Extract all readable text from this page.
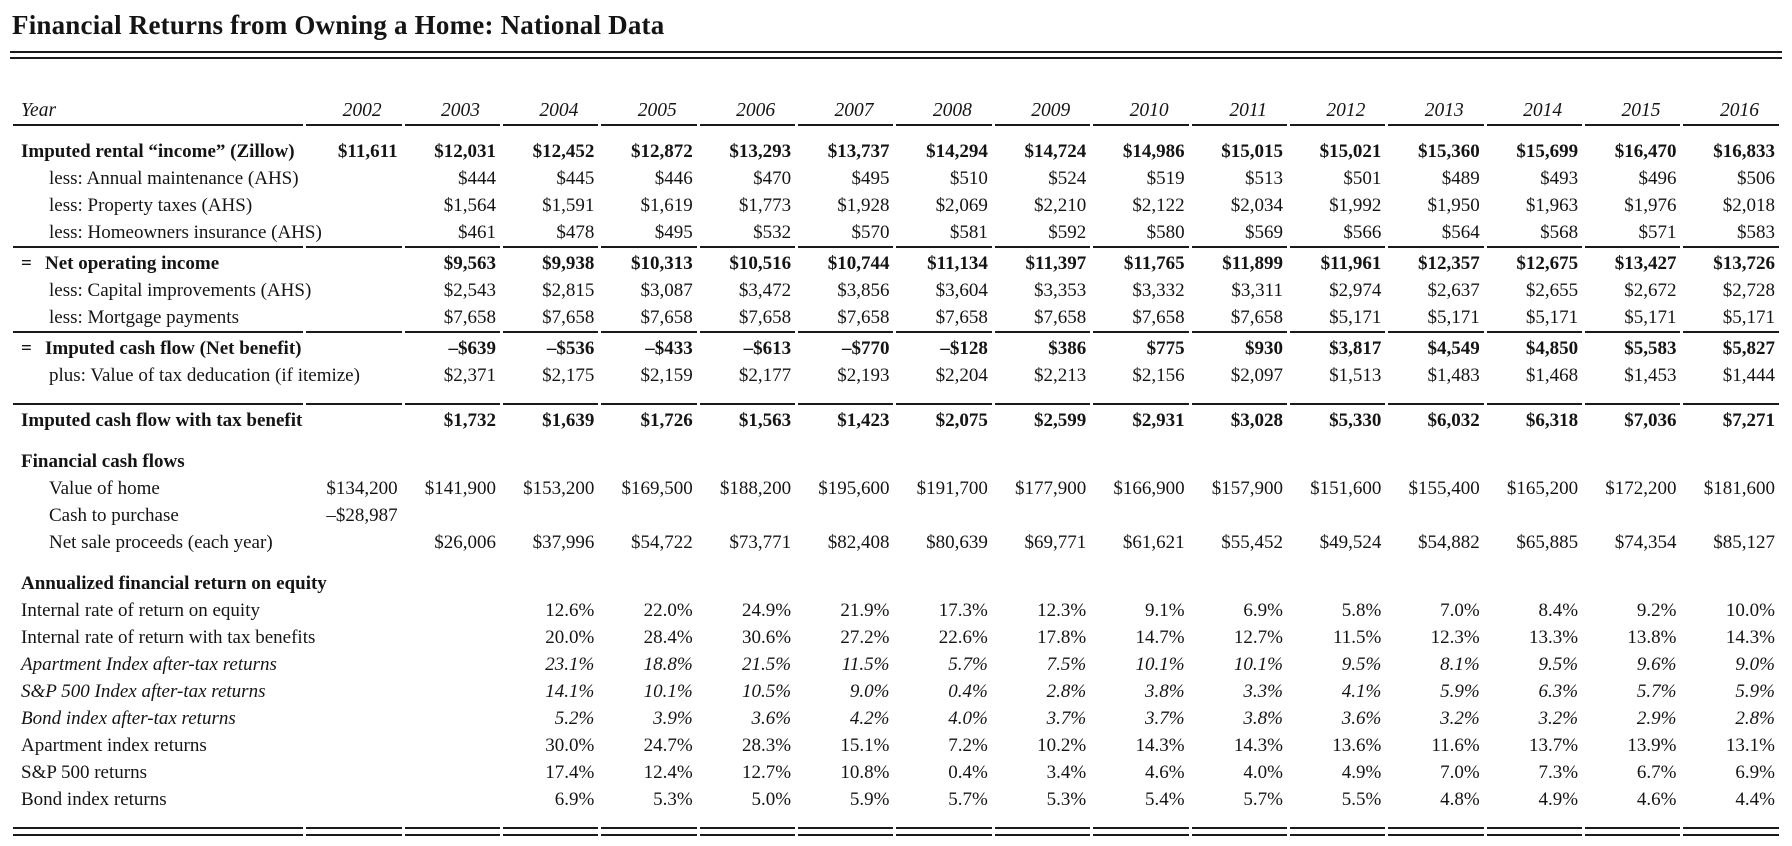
Financial Returns from Owning a Home: National Data
Year	2002	2003	2004	2005	2006	2007	2008	2009	2010	2011	2012	2013	2014	2015	2016

Imputed rental “income” (Zillow)	$11,611	$12,031	$12,452	$12,872	$13,293	$13,737	$14,294	$14,724	$14,986	$15,015	$15,021	$15,360	$15,699	$16,470	$16,833
less: Annual maintenance (AHS)		$444	$445	$446	$470	$495	$510	$524	$519	$513	$501	$489	$493	$496	$506
less: Property taxes (AHS)		$1,564	$1,591	$1,619	$1,773	$1,928	$2,069	$2,210	$2,122	$2,034	$1,992	$1,950	$1,963	$1,976	$2,018
less: Homeowners insurance (AHS)		$461	$478	$495	$532	$570	$581	$592	$580	$569	$566	$564	$568	$571	$583

= Net operating income		$9,563	$9,938	$10,313	$10,516	$10,744	$11,134	$11,397	$11,765	$11,899	$11,961	$12,357	$12,675	$13,427	$13,726
less: Capital improvements (AHS)		$2,543	$2,815	$3,087	$3,472	$3,856	$3,604	$3,353	$3,332	$3,311	$2,974	$2,637	$2,655	$2,672	$2,728
less: Mortgage payments		$7,658	$7,658	$7,658	$7,658	$7,658	$7,658	$7,658	$7,658	$7,658	$5,171	$5,171	$5,171	$5,171	$5,171

= Imputed cash flow (Net benefit)		–$639	–$536	–$433	–$613	–$770	–$128	$386	$775	$930	$3,817	$4,549	$4,850	$5,583	$5,827
plus: Value of tax deducation (if itemize)		$2,371	$2,175	$2,159	$2,177	$2,193	$2,204	$2,213	$2,156	$2,097	$1,513	$1,483	$1,468	$1,453	$1,444

Imputed cash flow with tax benefit		$1,732	$1,639	$1,726	$1,563	$1,423	$2,075	$2,599	$2,931	$3,028	$5,330	$6,032	$6,318	$7,036	$7,271

Financial cash flows															
Value of home	$134,200	$141,900	$153,200	$169,500	$188,200	$195,600	$191,700	$177,900	$166,900	$157,900	$151,600	$155,400	$165,200	$172,200	$181,600
Cash to purchase	–$28,987														
Net sale proceeds (each year)		$26,006	$37,996	$54,722	$73,771	$82,408	$80,639	$69,771	$61,621	$55,452	$49,524	$54,882	$65,885	$74,354	$85,127

Annualized financial return on equity															
Internal rate of return on equity			12.6%	22.0%	24.9%	21.9%	17.3%	12.3%	9.1%	6.9%	5.8%	7.0%	8.4%	9.2%	10.0%
Internal rate of return with tax benefits			20.0%	28.4%	30.6%	27.2%	22.6%	17.8%	14.7%	12.7%	11.5%	12.3%	13.3%	13.8%	14.3%
Apartment Index after-tax returns			23.1%	18.8%	21.5%	11.5%	5.7%	7.5%	10.1%	10.1%	9.5%	8.1%	9.5%	9.6%	9.0%
S&P 500 Index after-tax returns			14.1%	10.1%	10.5%	9.0%	0.4%	2.8%	3.8%	3.3%	4.1%	5.9%	6.3%	5.7%	5.9%
Bond index after-tax returns			5.2%	3.9%	3.6%	4.2%	4.0%	3.7%	3.7%	3.8%	3.6%	3.2%	3.2%	2.9%	2.8%
Apartment index returns			30.0%	24.7%	28.3%	15.1%	7.2%	10.2%	14.3%	14.3%	13.6%	11.6%	13.7%	13.9%	13.1%
S&P 500 returns			17.4%	12.4%	12.7%	10.8%	0.4%	3.4%	4.6%	4.0%	4.9%	7.0%	7.3%	6.7%	6.9%
Bond index returns			6.9%	5.3%	5.0%	5.9%	5.7%	5.3%	5.4%	5.7%	5.5%	4.8%	4.9%	4.6%	4.4%
